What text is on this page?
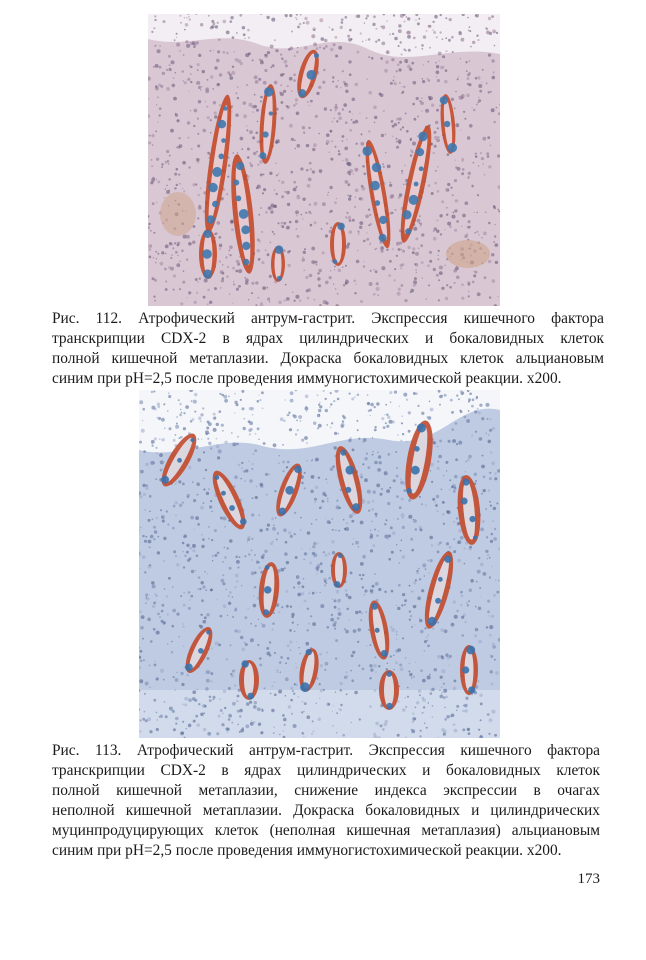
Рис. 112. Атрофический антрум-гастрит. Экспрессия кишечного фактора
транскрипции CDX-2 в ядрах цилиндрических и бокаловидных клеток
полной кишечной метаплазии. Докраска бокаловидных клеток альциановым
синим при pH=2,5 после проведения иммуногистохимической реакции. х200.

Рис. 113. Атрофический антрум-гастрит. Экспрессия кишечного фактора
транскрипции CDX-2 в ядрах цилиндрических и бокаловидных клеток
полной кишечной метаплазии, снижение индекса экспрессии в очагах
неполной кишечной метаплазии. Докраска бокаловидных и цилиндрических
муцинпродуцирующих клеток (неполная кишечная метаплазия) альциановым
синим при pH=2,5 после проведения иммуногистохимической реакции. х200.

173
